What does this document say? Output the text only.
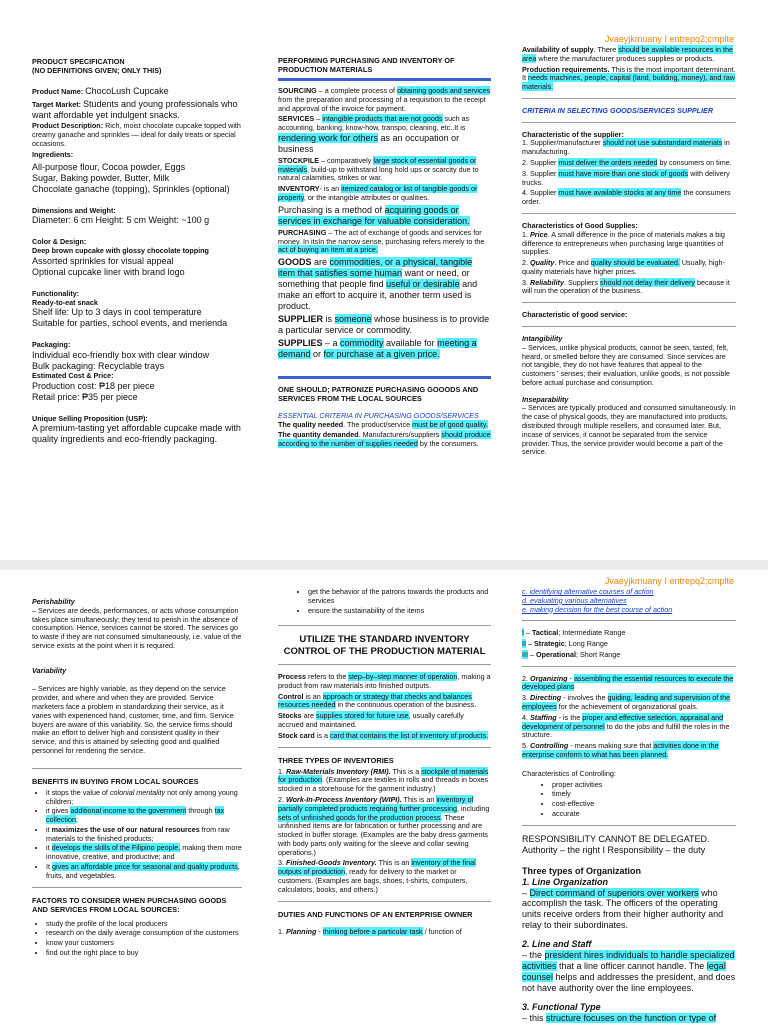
Jvaeyjkmuany I entrepq2;cmplte
PRODUCT SPECIFICATION
(NO DEFINITIONS GIVEN; ONLY THIS)

Product Name: ChocoLush Cupcake

Target Market: Students and young professionals who want affordable yet indulgent snacks.

Product Description: Rich, moist chocolate cupcake topped with creamy ganache and sprinkles — ideal for daily treats or special occasions.

Ingredients:

All-purpose flour, Cocoa powder, Eggs
Sugar, Baking powder, Butter, Milk
Chocolate ganache (topping), Sprinkles (optional)
Dimensions and Weight:
Diameter: 6 cm Height: 5 cm Weight: ~100 g
Color & Design:
Deep brown cupcake with glossy chocolate topping
Assorted sprinkles for visual appeal
Optional cupcake liner with brand logo
Functionality:
Ready-to-eat snack
Shelf life: Up to 3 days in cool temperature
Suitable for parties, school events, and merienda
Packaging:
Individual eco-friendly box with clear window
Bulk packaging: Recyclable trays
Estimated Cost & Price:
Production cost: ₱18 per piece
Retail price: ₱35 per piece
Unique Selling Proposition (USP):
A premium-tasting yet affordable cupcake made with quality ingredients and eco-friendly packaging.
PERFORMING PURCHASING AND INVENTORY OF PRODUCTION MATERIALS

SOURCING – a complete process of obtaining goods and services from the preparation and processing of a requisition to the receipt and approval of the invoice for payment.

SERVICES – intangible products that are not goods such as accounting, banking, know-how, transpo, cleaning, etc..It is rendering work for others as an occupation or business

STOCKPILE – comparatively large stock of essential goods or materials, build-up to withstand long hold ups or scarcity due to natural calamities, strikes or war.

INVENTORY- is an itemized catalog or list of tangible goods or property, or the intangible attributes or qualities.

Purchasing is a method of acquiring goods or services in exchange for valuable consideration.

PURCHASING – The act of exchange of goods and services for money. In itsIn the narrow sense, purchasing refers merely to the act of buying an item at a price.

GOODS are commodities, or a physical, tangible item that satisfies some human want or need, or something that people find useful or desirable and make an effort to acquire it, another term used is product.

SUPPLIER is someone whose business is to provide a particular service or commodity.

SUPPLIES – a commodity available for meeting a demand or for purchase at a given price.

ONE SHOULD; PATRONIZE PURCHASING GOOODS AND SERVICES FROM THE LOCAL SOURCES
ESSENTIAL CRITERIA IN PURCHASING GOODS/SERVICES

The quality needed. The product/service must be of good quality.

The quantity demanded. Manufacturers/suppliers should produce according to the number of supplies needed by the consumers.

Availability of supply. There should be available resources in the area where the manufacturer produces supplies or products.

Production requirements. This is the most important determinant. It needs machines, people, capital (land, building, money), and raw materials.

CRITERIA IN SELECTING GOODS/SERVICES SUPPLIER
Characteristic of the supplier:

1. Supplier/manufacturer should not use substandard materials in manufacturing.

2. Supplier must deliver the orders needed by consumers on time.

3. Supplier must have more than one stock of goods with delivery trucks.

4. Supplier must have available stocks at any time the consumers order.

Characteristics of Good Supplies:

1. Price. A small difference in the price of materials makes a big difference to entrepreneurs when purchasing large quantities of supplies.

2. Quality. Price and quality should be evaluated. Usually, high-quality materials have higher prices.

3. Reliability. Suppliers should not delay their delivery because it will ruin the operation of the business.

Characteristic of good service:
Intangibility

– Services, unlike physical products, cannot be seen, tasted, felt, heard, or smelled before they are consumed. Since services are not tangible, they do not have features that appeal to the customers ' senses; their evaluation, unlike goods, is not possible before actual purchase and consumption.

Inseparability

– Services are typically produced and consumed simultaneously. In the case of physical goods, they are manufactured into products, distributed through multiple resellers, and consumed later. But, incase of services, it cannot be separated from the service provider. Thus, the service provider would become a part of the service.

Jvaeyjkmuany I entrepq2;cmplte
Perishability

– Services are deeds, performances, or acts whose consumption takes place simultaneously; they tend to perish in the absence of consumption. Hence, services cannot be stored. The services go to waste if they are not consumed simultaneously, i.e. value of the service exists at the point when it is required.

Variability

– Services are highly variable, as they depend on the service provider, and where and when they are provided. Service marketers face a problem in standardizing their service, as it varies with experienced hand, customer, time, and firm. Service buyers are aware of this variability. So, the service firms should make an effort to deliver high and consistent quality in their service, and this is attained by selecting good and qualified personnel for rendering the service.

BENEFITS IN BUYING FROM LOCAL SOURCES
• it stops the value of colonial mentality not only among young children;
• it gives additional income to the government through tax collection;
• it maximizes the use of our natural resources from raw materials to the finished products;
• it develops the skills of the Filipino people, making them more innovative, creative, and productive; and
• It gives an affordable price for seasonal and quality products, fruits, and vegetables.
FACTORS TO CONSIDER WHEN PURCHASING GOODS AND SERVICES FROM LOCAL SOURCES:
• study the profile of the local producers
• research on the daily average consumption of the customers
• know your customers
• find out the right place to buy
• get the behavior of the patrons towards the products and services
• ensure the sustainability of the items
UTILIZE THE STANDARD INVENTORY CONTROL OF THE PRODUCTION MATERIAL

Process refers to the step–by–step manner of operation, making a product from raw materials into finished outputs.

Control is an approach or strategy that checks and balances resources needed in the continuous operation of the business.

Stocks are supplies stored for future use, usually carefully accrued and maintained.

Stock card is a card that contains the list of inventory of products.

THREE TYPES OF INVENTORIES

1. Raw-Materials Inventory (RMI). This is a stockpile of materials for production. (Examples are textiles in rolls and threads in boxes stocked in a storehouse for the garment industry.)

2. Work-In-Process Inventory (WIPI). This is an inventory of partially completed products requiring further processing, including sets of unfinished goods for the production process. These unfinished items are for fabrication or further processing and are stocked in buffer storage. (Examples are the baby dress garments with body parts only waiting for the sleeve and collar sewing operations.)

3. Finished-Goods Inventory. This is an inventory of the final outputs of production, ready for delivery to the market or customers. (Examples are bags, shoes, t-shirts, computers, calculators, books, and others.)

DUTIES AND FUNCTIONS OF AN ENTERPRISE OWNER

1. Planning - thinking before a particular task / function of

c. identifying alternative courses of action
d. evaluating various alternatives
e. making decision for the best course of action

I – Tactical; Intermediate Range

II – Strategic; Long Range

III – Operational; Short Range

2. Organizing - assembling the essential resources to execute the developed plans

3. Directing - involves the guiding, leading and supervision of the employees for the achievement of organizational goals.

4. Staffing - is the proper and effective selection, appraisal and development of personnel to do the jobs and fulfill the roles in the structure.

5. Controlling - means making sure that activities done in the enterprise conform to what has been planned.

Characteristics of Controlling:
• proper activities
• timely
• cost-effective
• accurate
RESPONSIBILITY CANNOT BE DELEGATED.
Authority – the right I Responsibility – the duty
Three types of Organization
1. Line Organization

– Direct command of superiors over workers who accomplish the task. The officers of the operating units receive orders from their higher authority and relay to their subordinates.

2. Line and Staff

– the president hires individuals to handle specialized activities that a line officer cannot handle. The legal counsel helps and addresses the president, and does not have authority over the line employees.

3. Functional Type

– this structure focuses on the function or type of
